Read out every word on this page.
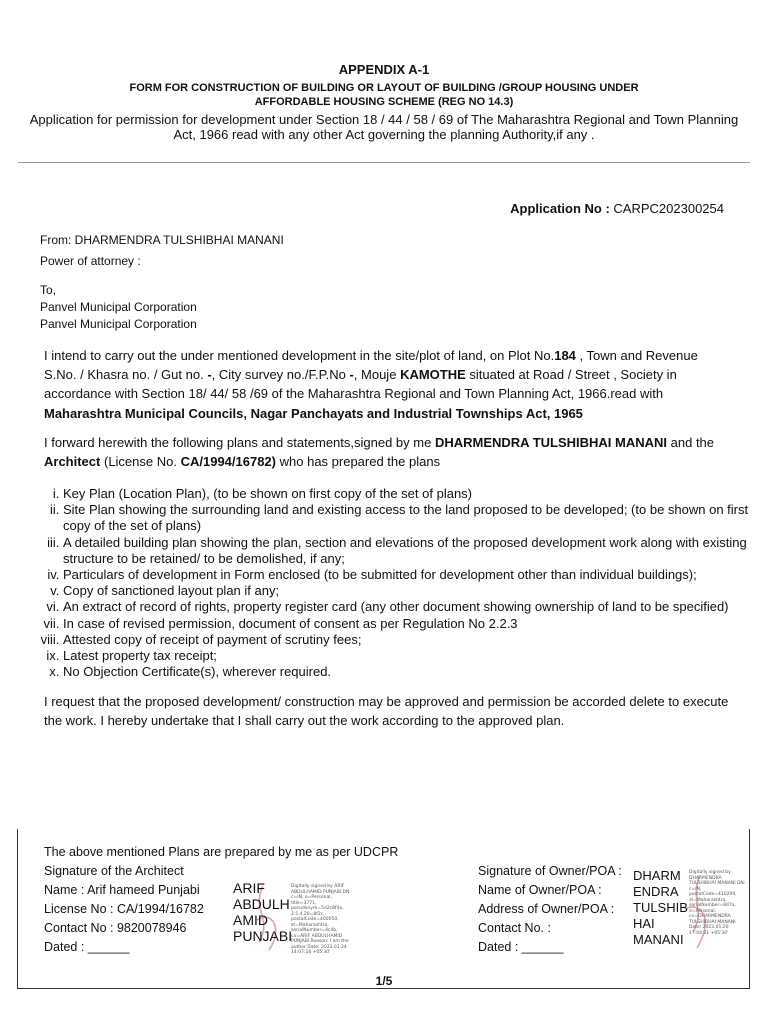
APPENDIX A-1
FORM FOR CONSTRUCTION OF BUILDING OR LAYOUT OF BUILDING /GROUP HOUSING UNDER
AFFORDABLE HOUSING SCHEME (REG NO 14.3)
Application for permission for development under Section 18 / 44 / 58 / 69 of The Maharashtra Regional and Town Planning
Act, 1966 read with any other Act governing the planning Authority,if any .
Application No : CARPC202300254
From: DHARMENDRA TULSHIBHAI MANANI
Power of attorney :
To,
Panvel Municipal Corporation
Panvel Municipal Corporation
I intend to carry out the under mentioned development in the site/plot of land, on Plot No.184 , Town and Revenue
S.No. / Khasra no. / Gut no. -, City survey no./F.P.No -, Mouje KAMOTHE situated at Road / Street , Society in
accordance with Section 18/ 44/ 58 /69 of the Maharashtra Regional and Town Planning Act, 1966.read with
Maharashtra Municipal Councils, Nagar Panchayats and Industrial Townships Act, 1965
I forward herewith the following plans and statements,signed by me DHARMENDRA TULSHIBHAI MANANI and the
Architect (License No. CA/1994/16782) who has prepared the plans
i. Key Plan (Location Plan), (to be shown on first copy of the set of plans)
ii. Site Plan showing the surrounding land and existing access to the land proposed to be developed; (to be shown on first copy of the set of plans)
iii. A detailed building plan showing the plan, section and elevations of the proposed development work along with existing structure to be retained/ to be demolished, if any;
iv. Particulars of development in Form enclosed (to be submitted for development other than individual buildings);
v. Copy of sanctioned layout plan if any;
vi. An extract of record of rights, property register card (any other document showing ownership of land to be specified)
vii. In case of revised permission, document of consent as per Regulation No 2.2.3
viii. Attested copy of receipt of payment of scrutiny fees;
ix. Latest property tax receipt;
x. No Objection Certificate(s), wherever required.
I request that the proposed development/ construction may be approved and permission be accorded delete to execute
the work. I hereby undertake that I shall carry out the work according to the approved plan.
The above mentioned Plans are prepared by me as per UDCPR
Signature of the Architect
Name : Arif hameed Punjabi
License No : CA/1994/16782
Contact No : 9820078946
Dated : ______
ARIF
ABDULH
AMID
PUNJABI
Digitally signed by ARIF ABDULHAMID PUNJABI DN: c=IN, o=Personal, title=3771, pseudonym=5d2c8f4e, 2.5.4.20=8f2c, postalCode=400050, st=Maharashtra, serialNumber=4c4b, cn=ARIF ABDULHAMID PUNJABI Reason: I am the author Date: 2023.01.24 14:07:16 +05'30'
Signature of Owner/POA :
Name of Owner/POA :
Address of Owner/POA :
Contact No. :
Dated : ______
DHARM
ENDRA
TULSHIB
HAI
MANANI
Digitally signed by DHARMENDRA TULSHIBHAI MANANI DN: c=IN, postalCode=410209, st=Maharashtra, serialNumber=8d7a, o=Personal, cn=DHARMENDRA TULSHIBHAI MANANI Date: 2023.01.20 17:04:21 +05'30'
1/5
